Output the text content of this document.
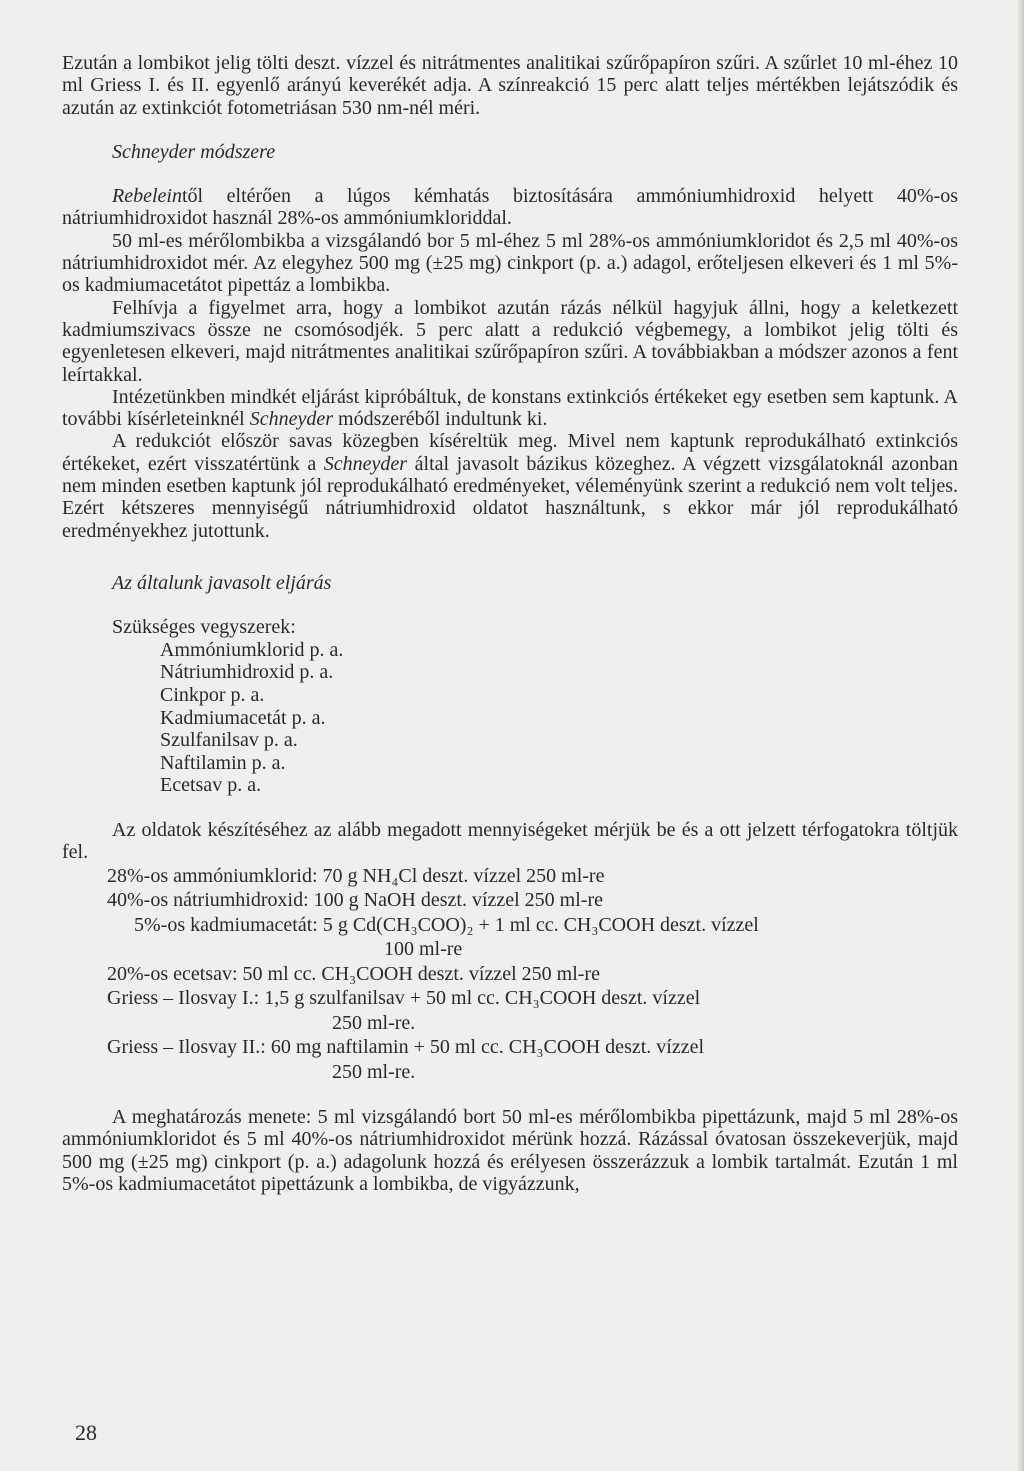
Ezután a lombikot jelig tölti deszt. vízzel és nitrátmentes analitikai szűrőpapíron szűri. A szűrlet 10 ml-éhez 10 ml Griess I. és II. egyenlő arányú keverékét adja. A színreakció 15 perc alatt teljes mértékben lejátszódik és azután az extinkciót fotometriásan 530 nm-nél méri.

Schneyder módszere

Rebeleintől eltérően a lúgos kémhatás biztosítására ammóniumhidroxid helyett 40%-os nátriumhidroxidot használ 28%-os ammóniumkloriddal.

50 ml-es mérőlombikba a vizsgálandó bor 5 ml-éhez 5 ml 28%-os ammóniumkloridot és 2,5 ml 40%-os nátriumhidroxidot mér. Az elegyhez 500 mg (±25 mg) cinkport (p. a.) adagol, erőteljesen elkeveri és 1 ml 5%-os kadmiumacetátot pipettáz a lombikba.

Felhívja a figyelmet arra, hogy a lombikot azután rázás nélkül hagyjuk állni, hogy a keletkezett kadmiumszivacs össze ne csomósodjék. 5 perc alatt a redukció végbemegy, a lombikot jelig tölti és egyenletesen elkeveri, majd nitrátmentes analitikai szűrőpapíron szűri. A továbbiakban a módszer azonos a fent leírtakkal.

Intézetünkben mindkét eljárást kipróbáltuk, de konstans extinkciós értékeket egy esetben sem kaptunk. A további kísérleteinknél Schneyder módszeréből indultunk ki.

A redukciót először savas közegben kíséreltük meg. Mivel nem kaptunk reprodukálható extinkciós értékeket, ezért visszatértünk a Schneyder által javasolt bázikus közeghez. A végzett vizsgálatoknál azonban nem minden esetben kaptunk jól reprodukálható eredményeket, véleményünk szerint a redukció nem volt teljes. Ezért kétszeres mennyiségű nátriumhidroxid oldatot használtunk, s ekkor már jól reprodukálható eredményekhez jutottunk.

Az általunk javasolt eljárás
Szükséges vegyszerek:
Ammóniumklorid p. a.
Nátriumhidroxid p. a.
Cinkpor p. a.
Kadmiumacetát p. a.
Szulfanilsav p. a.
Naftilamin p. a.
Ecetsav p. a.

Az oldatok készítéséhez az alább megadott mennyiségeket mérjük be és a ott jelzett térfogatokra töltjük fel.

28%-os ammóniumklorid:
70 g NH₄Cl deszt. vízzel 250 ml-re
40%-os nátriumhidroxid:
100 g NaOH deszt. vízzel 250 ml-re
5%-os kadmiumacetát:
5 g Cd(CH₃COO)₂ + 1 ml cc. CH₃COOH deszt. vízzel
100 ml-re
20%-os ecetsav:
50 ml cc. CH₃COOH deszt. vízzel 250 ml-re
Griess – Ilosvay I.:
1,5 g szulfanilsav + 50 ml cc. CH₃COOH deszt. vízzel
250 ml-re.
Griess – Ilosvay II.:
60 mg naftilamin + 50 ml cc. CH₃COOH deszt. vízzel
250 ml-re.

A meghatározás menete: 5 ml vizsgálandó bort 50 ml-es mérőlombikba pipettázunk, majd 5 ml 28%-os ammóniumkloridot és 5 ml 40%-os nátriumhidroxidot mérünk hozzá. Rázással óvatosan összekeverjük, majd 500 mg (±25 mg) cinkport (p. a.) adagolunk hozzá és erélyesen összerázzuk a lombik tartalmát. Ezután 1 ml 5%-os kadmiumacetátot pipettázunk a lombikba, de vigyázzunk,

28
